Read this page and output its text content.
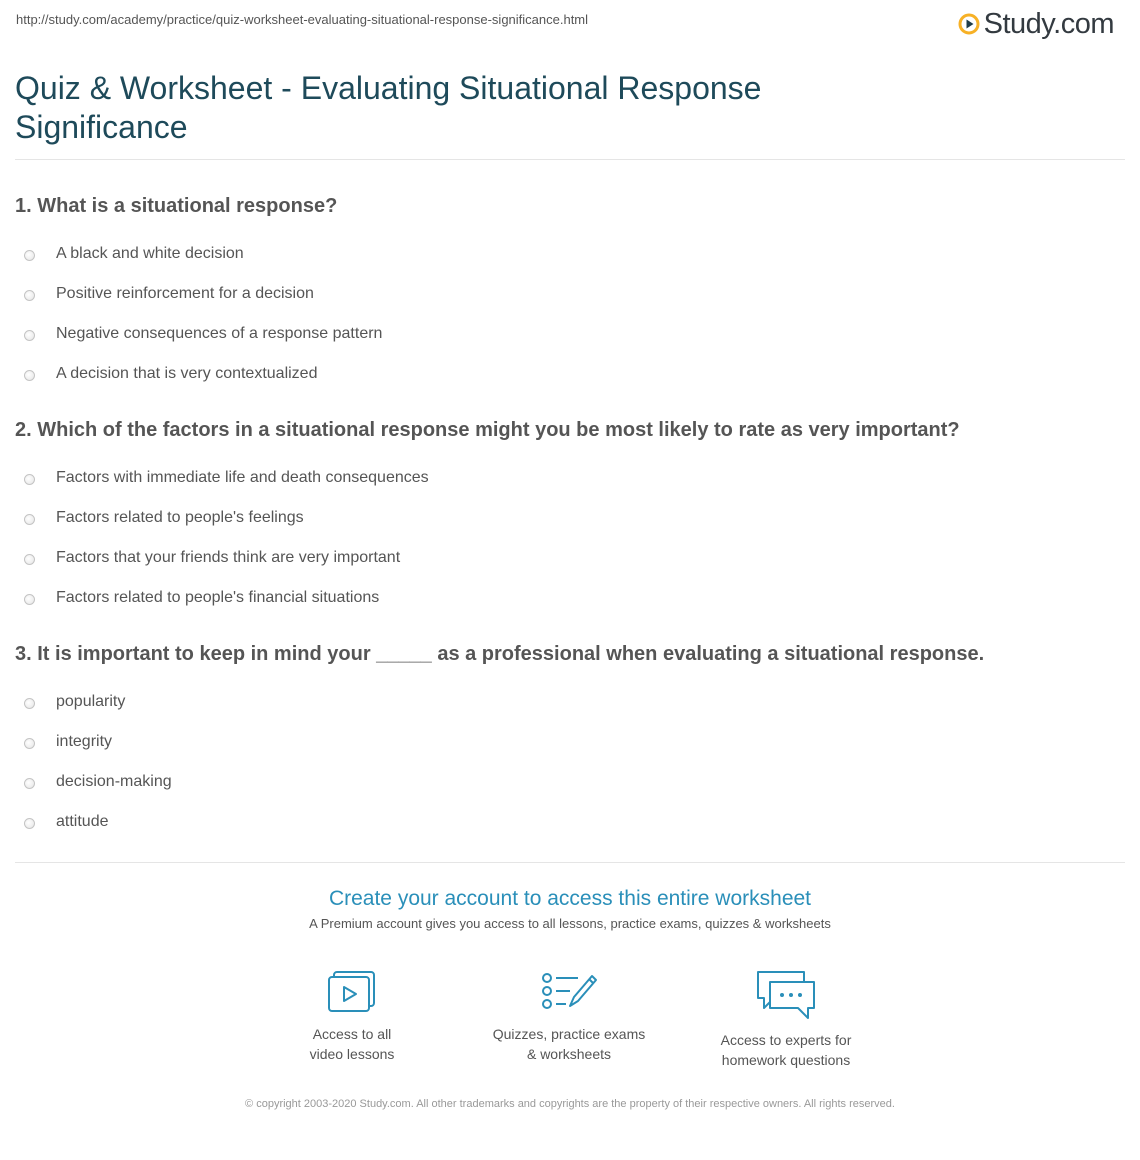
http://study.com/academy/practice/quiz-worksheet-evaluating-situational-response-significance.html	Study.com
Quiz & Worksheet - Evaluating Situational Response Significance
1. What is a situational response?
A black and white decision
Positive reinforcement for a decision
Negative consequences of a response pattern
A decision that is very contextualized
2. Which of the factors in a situational response might you be most likely to rate as very important?
Factors with immediate life and death consequences
Factors related to people's feelings
Factors that your friends think are very important
Factors related to people's financial situations
3. It is important to keep in mind your _____ as a professional when evaluating a situational response.
popularity
integrity
decision-making
attitude
Create your account to access this entire worksheet
A Premium account gives you access to all lessons, practice exams, quizzes & worksheets
Access to all
video lessons
Quizzes, practice exams
& worksheets
Access to experts for
homework questions
© copyright 2003-2020 Study.com. All other trademarks and copyrights are the property of their respective owners. All rights reserved.
